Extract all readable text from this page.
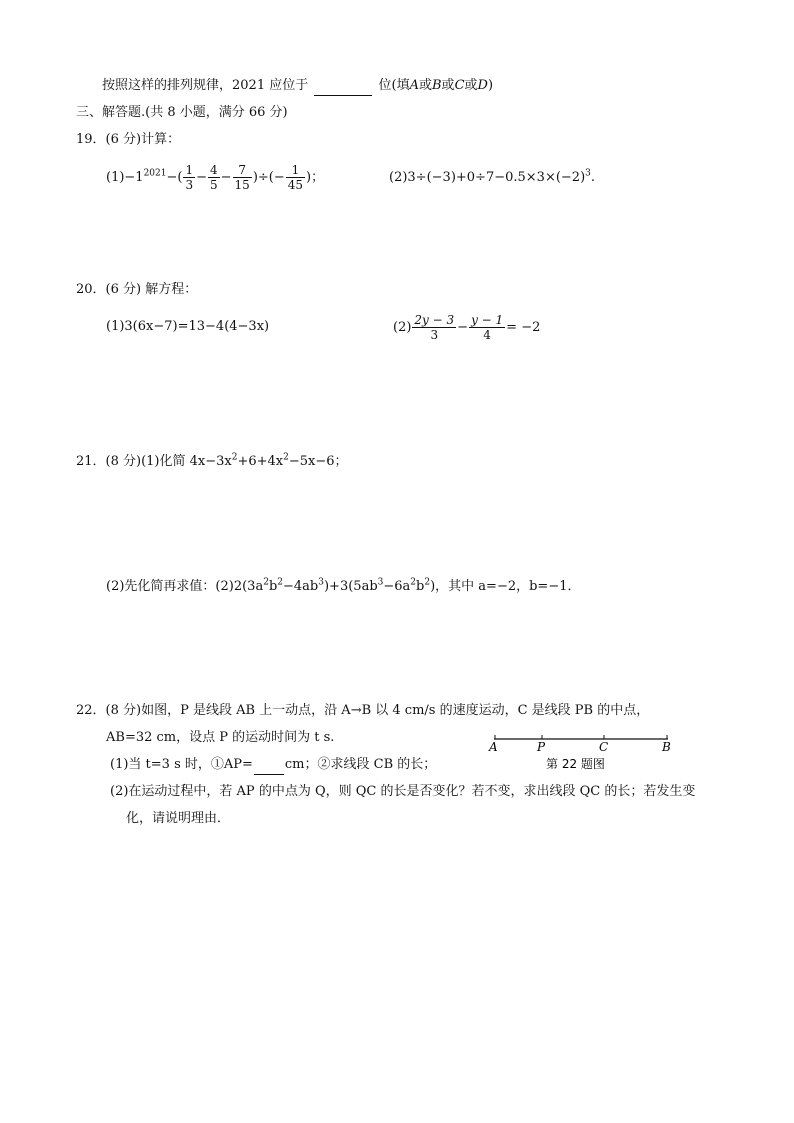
按照这样的排列规律，2021 应位于	位(填A或B或C或D)
三、解答题.(共 8 小题，满分 66 分)
19．(6 分)计算：
$(1)-1^{2021}-( \frac{1}{3} - \frac{4}{5} - \frac{7}{15}$ )÷(− $\frac{1}{45}$ )；	$(2)3\div(-3)+0\div 7-0.5\times 3\times(-2)^3$.
20．(6 分) 解方程：
(1)3(6x−7)=13−4(4−3x)	$(2) \frac{2y - 3}{3} - \frac{y - 1}{4} = -2$
21．(8 分)(1)化简 $4x-3x^2+6+4x^2-5x-6$；
(2)先化简再求值：$(2)2(3a^2b^2-4ab^3)+3(5ab^3-6a^2b^2)$，其中 a=−2，b=−1．
22．(8 分)如图，P 是线段 AB 上一动点，沿 A→B 以 4 cm/s 的速度运动，C 是线段 PB 的中点，
AB=32 cm，设点 P 的运动时间为 t s.
(1)当 t=3 s 时，①AP= cm；②求线段 CB 的长；
(2)在运动过程中，若 AP 的中点为 Q，则 QC 的长是否变化？若不变，求出线段 QC 的长；若发生变
化，请说明理由．
A	P	C	B
第 22 题图
